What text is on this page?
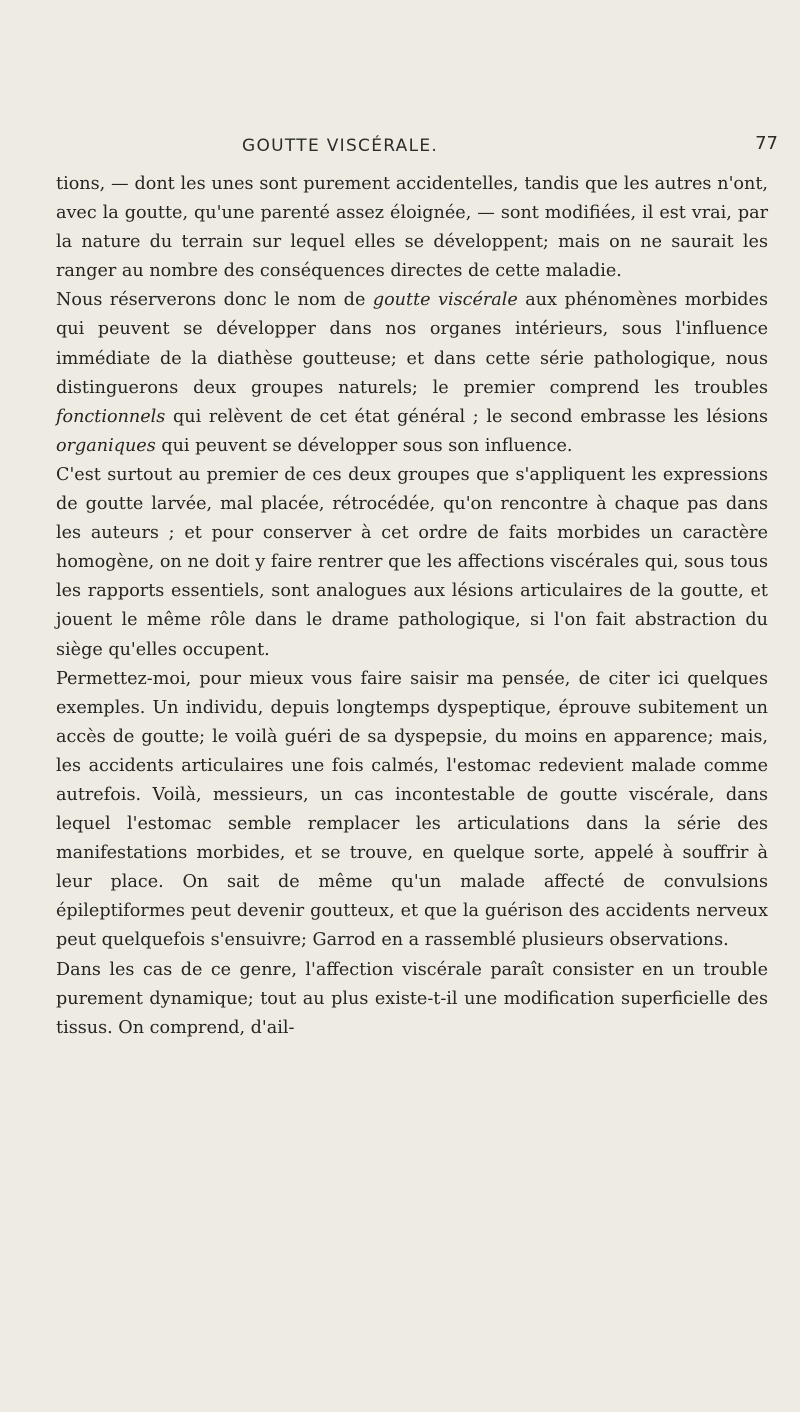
GOUTTE VISCÉRALE.	77

tions, — dont les unes sont purement accidentelles, tandis que les autres n'ont, avec la goutte, qu'une parenté assez éloignée, — sont modifiées, il est vrai, par la nature du terrain sur lequel elles se développent; mais on ne saurait les ranger au nombre des conséquences directes de cette maladie.

Nous réserverons donc le nom de goutte viscérale aux phénomènes morbides qui peuvent se développer dans nos organes intérieurs, sous l'influence immédiate de la diathèse goutteuse; et dans cette série pathologique, nous distinguerons deux groupes naturels; le premier comprend les troubles fonctionnels qui relèvent de cet état général ; le second embrasse les lésions organiques qui peuvent se développer sous son influence.

C'est surtout au premier de ces deux groupes que s'appliquent les expressions de goutte larvée, mal placée, rétrocédée, qu'on rencontre à chaque pas dans les auteurs ; et pour conserver à cet ordre de faits morbides un caractère homogène, on ne doit y faire rentrer que les affections viscérales qui, sous tous les rapports essentiels, sont analogues aux lésions articulaires de la goutte, et jouent le même rôle dans le drame pathologique, si l'on fait abstraction du siège qu'elles occupent.

Permettez-moi, pour mieux vous faire saisir ma pensée, de citer ici quelques exemples. Un individu, depuis longtemps dyspeptique, éprouve subitement un accès de goutte; le voilà guéri de sa dyspepsie, du moins en apparence; mais, les accidents articulaires une fois calmés, l'estomac redevient malade comme autrefois. Voilà, messieurs, un cas incontestable de goutte viscérale, dans lequel l'estomac semble remplacer les articulations dans la série des manifestations morbides, et se trouve, en quelque sorte, appelé à souffrir à leur place. On sait de même qu'un malade affecté de convulsions épileptiformes peut devenir goutteux, et que la guérison des accidents nerveux peut quelquefois s'ensuivre; Garrod en a rassemblé plusieurs observations.

Dans les cas de ce genre, l'affection viscérale paraît consister en un trouble purement dynamique; tout au plus existe-t-il une modification superficielle des tissus. On comprend, d'ail-
